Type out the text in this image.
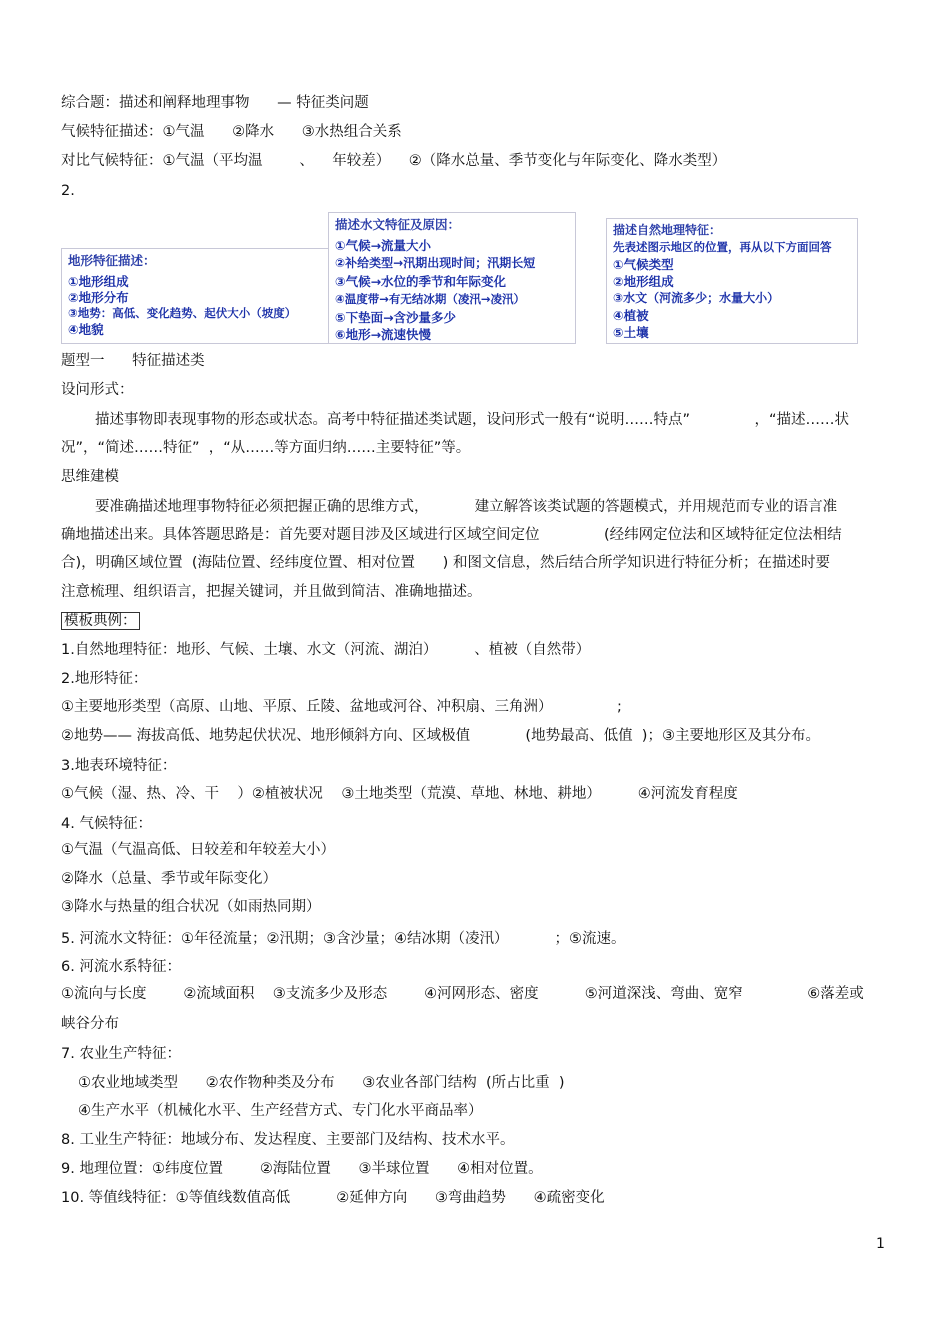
综合题：描述和阐释地理事物      — 特征类问题
气候特征描述：①气温      ②降水      ③水热组合关系
对比气候特征：①气温（平均温        、    年较差）    ②（降水总量、季节变化与年际变化、降水类型）
2.
地形特征描述：
①地形组成
②地形分布
③地势：高低、变化趋势、起伏大小（坡度）
④地貌
描述水文特征及原因：
①气候→流量大小
②补给类型→汛期出现时间；汛期长短
③气候→水位的季节和年际变化
④温度带→有无结冰期（凌汛→凌汛）
⑤下垫面→含沙量多少
⑥地形→流速快慢
描述自然地理特征：
先表述图示地区的位置，再从以下方面回答
①气候类型
②地形组成
③水文（河流多少；水量大小）
④植被
⑤土壤
题型一      特征描述类
设问形式：
描述事物即表现事物的形态或状态。高考中特征描述类试题，设问形式一般有“说明……特点”              ，“描述……状
况”，“简述……特征”  ，“从……等方面归纳……主要特征”等。
思维建模
要准确描述地理事物特征必须把握正确的思维方式，          建立解答该类试题的答题模式，并用规范而专业的语言准
确地描述出来。具体答题思路是：首先要对题目涉及区域进行区域空间定位              (经纬网定位法和区域特征定位法相结
合)，明确区域位置  (海陆位置、经纬度位置、相对位置      ) 和图文信息，然后结合所学知识进行特征分析；在描述时要
注意梳理、组织语言，把握关键词，并且做到简洁、准确地描述。
模板典例：
1.自然地理特征：地形、气候、土壤、水文（河流、湖泊）        、植被（自然带）
2.地形特征：
①主要地形类型（高原、山地、平原、丘陵、盆地或河谷、冲积扇、三角洲）              ;
②地势—— 海拔高低、地势起伏状况、地形倾斜方向、区域极值            (地势最高、低值  )；③主要地形区及其分布。
3.地表环境特征：
①气候（湿、热、冷、干    ）②植被状况    ③土地类型（荒漠、草地、林地、耕地）        ④河流发育程度
4. 气候特征：
①气温（气温高低、日较差和年较差大小）
②降水（总量、季节或年际变化）
③降水与热量的组合状况（如雨热同期）
5. 河流水文特征：①年径流量；②汛期；③含沙量；④结冰期（凌汛）          ；⑤流速。
6. 河流水系特征：
①流向与长度        ②流域面积    ③支流多少及形态        ④河网形态、密度          ⑤河道深浅、弯曲、宽窄              ⑥落差或
峡谷分布
7. 农业生产特征：
①农业地域类型      ②农作物种类及分布      ③农业各部门结构  (所占比重  )
④生产水平（机械化水平、生产经营方式、专门化水平商品率）
8. 工业生产特征：地域分布、发达程度、主要部门及结构、技术水平。
9. 地理位置：①纬度位置        ②海陆位置      ③半球位置      ④相对位置。
10. 等值线特征：①等值线数值高低          ②延伸方向      ③弯曲趋势      ④疏密变化
1
